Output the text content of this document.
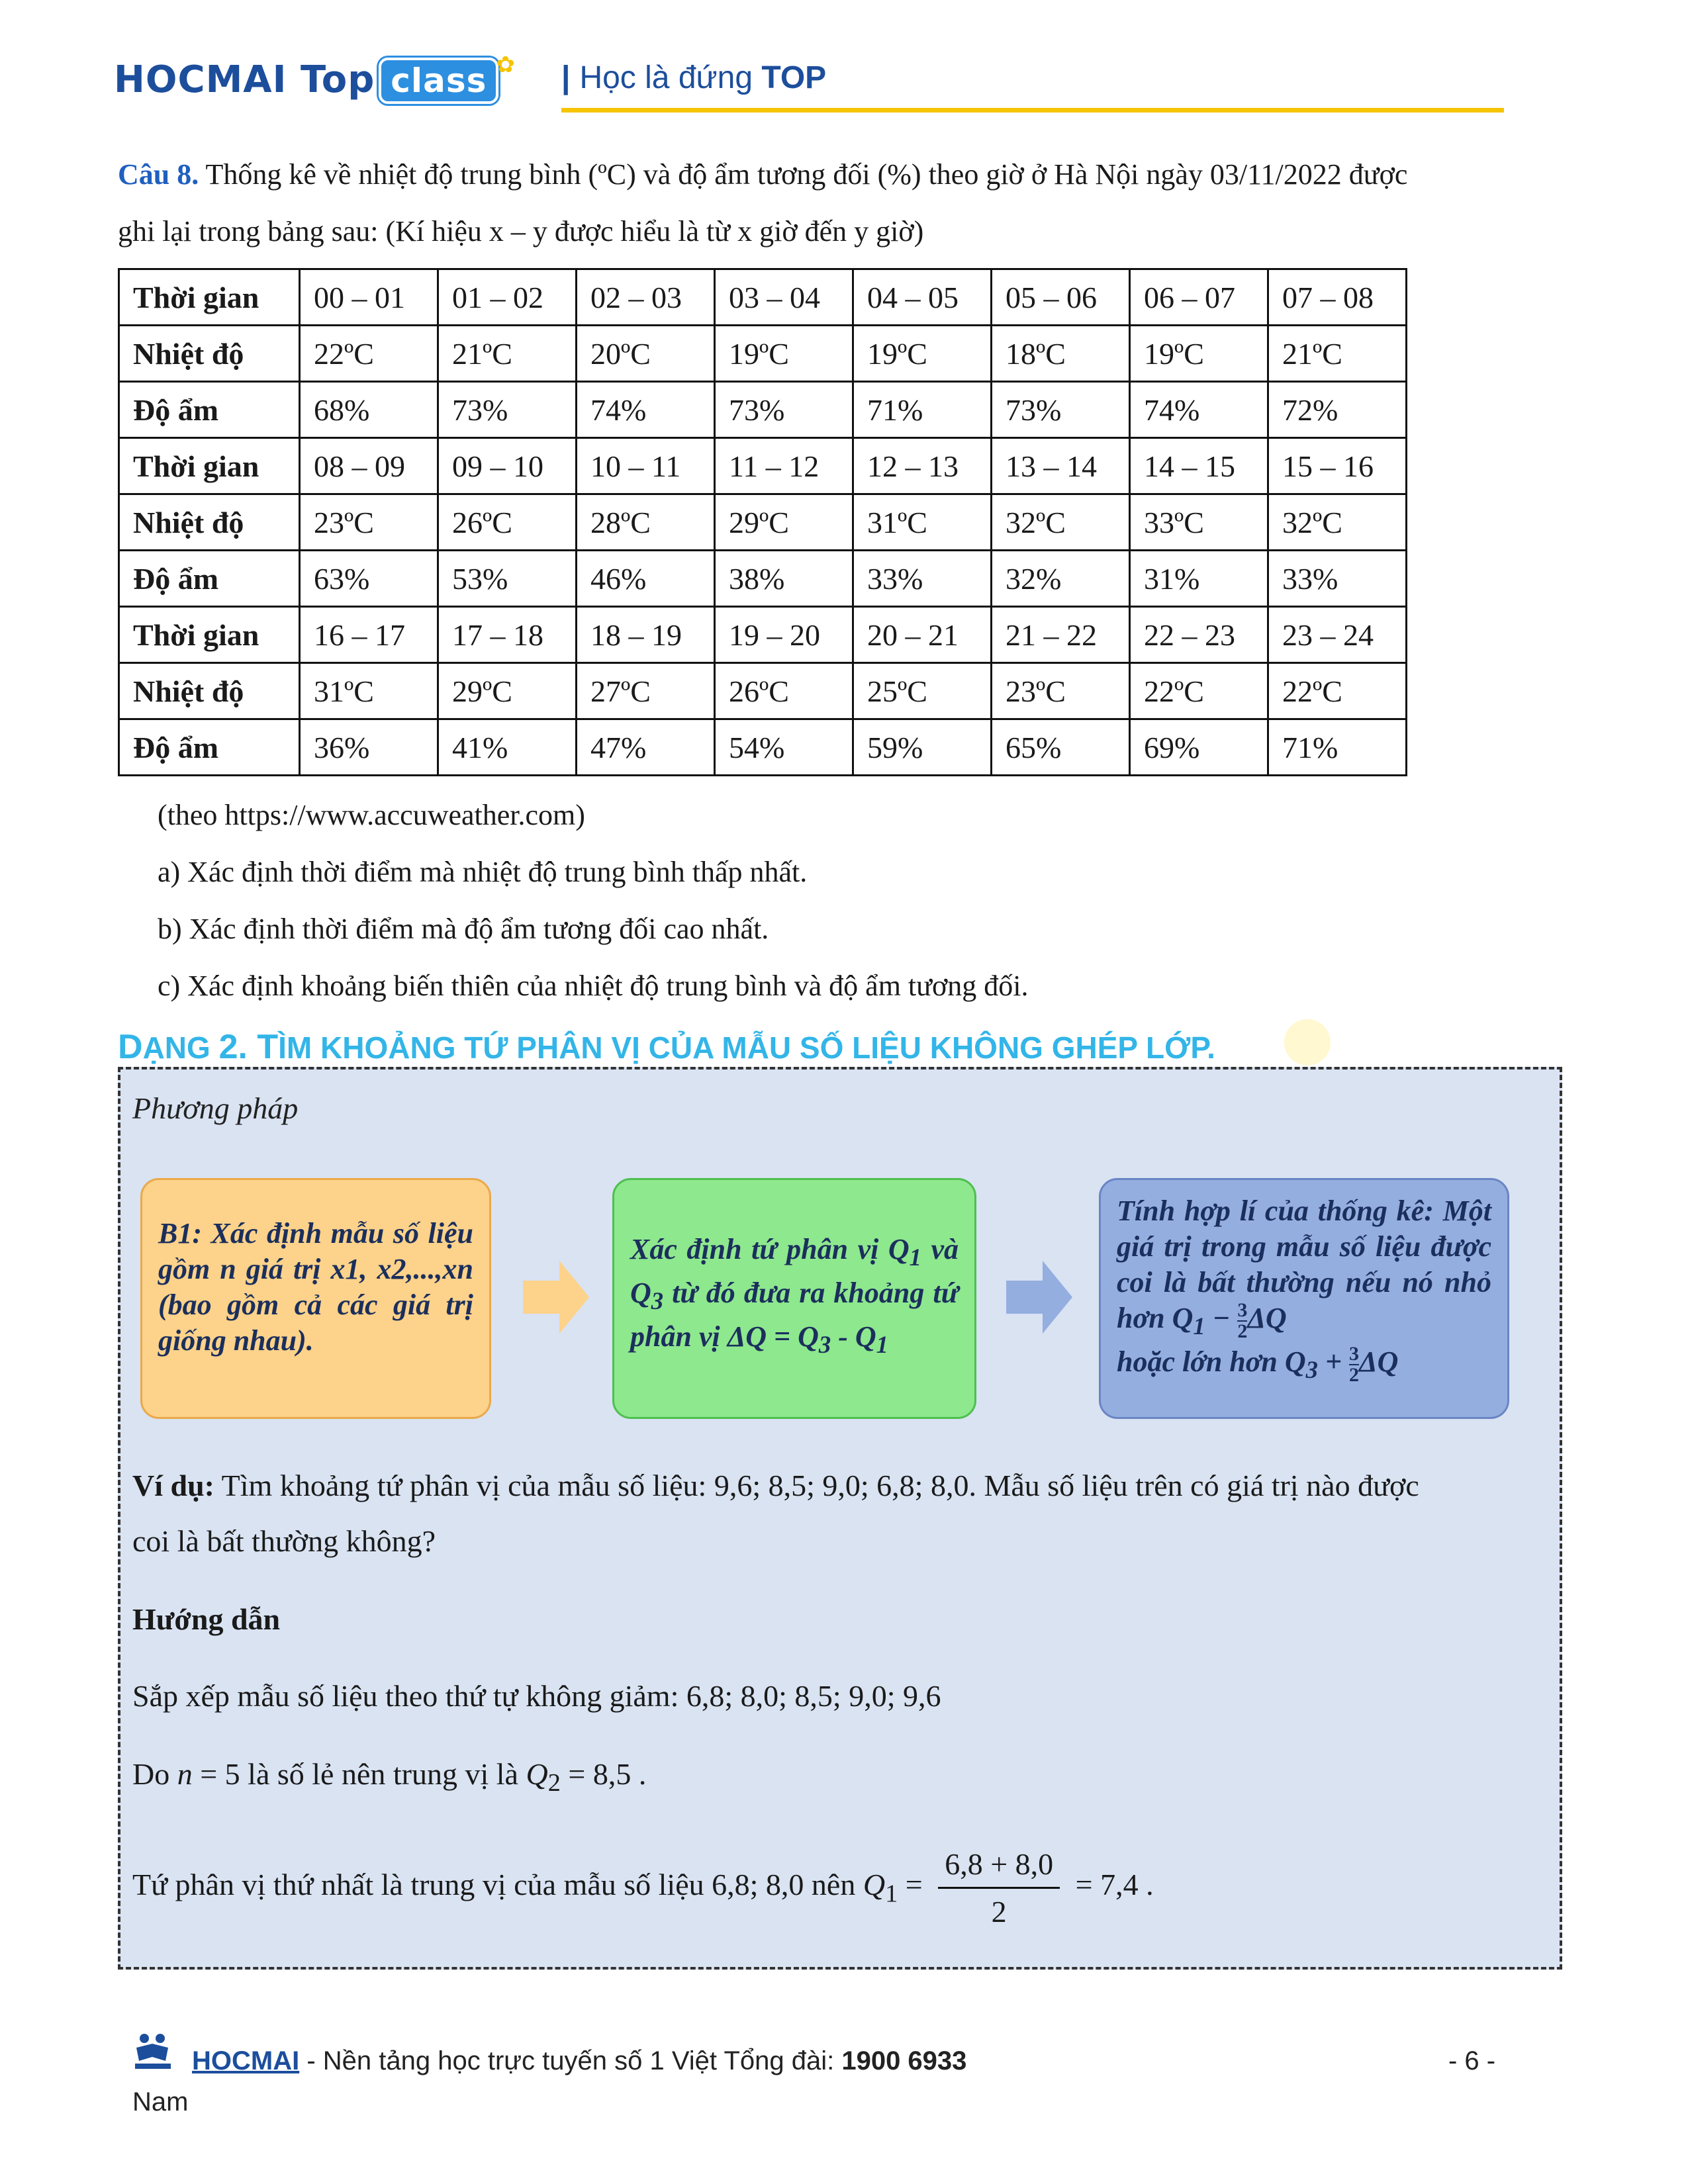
HOCMAI Top class ✿ | Học là đứng TOP
Câu 8. Thống kê về nhiệt độ trung bình (ºC) và độ ẩm tương đối (%) theo giờ ở Hà Nội ngày 03/11/2022 được
ghi lại trong bảng sau: (Kí hiệu x – y được hiểu là từ x giờ đến y giờ)
Thời gian	00 – 01	01 – 02	02 – 03	03 – 04	04 – 05	05 – 06	06 – 07	07 – 08
Nhiệt độ	22ºC	21ºC	20ºC	19ºC	19ºC	18ºC	19ºC	21ºC
Độ ẩm	68%	73%	74%	73%	71%	73%	74%	72%
Thời gian	08 – 09	09 – 10	10 – 11	11 – 12	12 – 13	13 – 14	14 – 15	15 – 16
Nhiệt độ	23ºC	26ºC	28ºC	29ºC	31ºC	32ºC	33ºC	32ºC
Độ ẩm	63%	53%	46%	38%	33%	32%	31%	33%
Thời gian	16 – 17	17 – 18	18 – 19	19 – 20	20 – 21	21 – 22	22 – 23	23 – 24
Nhiệt độ	31ºC	29ºC	27ºC	26ºC	25ºC	23ºC	22ºC	22ºC
Độ ẩm	36%	41%	47%	54%	59%	65%	69%	71%
(theo https://www.accuweather.com)
a) Xác định thời điểm mà nhiệt độ trung bình thấp nhất.
b) Xác định thời điểm mà độ ẩm tương đối cao nhất.
c) Xác định khoảng biến thiên của nhiệt độ trung bình và độ ẩm tương đối.
DẠNG 2. TÌM KHOẢNG TỨ PHÂN VỊ CỦA MẪU SỐ LIỆU KHÔNG GHÉP LỚP.
Phương pháp
B1: Xác định mẫu số liệu gồm n giá trị x1, x2,...,xn (bao gồm cả các giá trị giống nhau).
Xác định tứ phân vị $Q_1$ và $Q_3$ từ đó đưa ra khoảng tứ phân vị $\Delta Q = Q_3 - Q_1$
Tính hợp lí của thống kê: Một giá trị trong mẫu số liệu được coi là bất thường nếu nó nhỏ hơn $Q_1 - \frac{3}{2}$ ΔQ
hoặc lớn hơn $Q_3 + \frac{3}{2}$ ΔQ
Ví dụ: Tìm khoảng tứ phân vị của mẫu số liệu: 9,6; 8,5; 9,0; 6,8; 8,0. Mẫu số liệu trên có giá trị nào được
coi là bất thường không?
Hướng dẫn
Sắp xếp mẫu số liệu theo thứ tự không giảm: 6,8; 8,0; 8,5; 9,0; 9,6
Do n = 5 là số lẻ nên trung vị là $Q_2 = 8,5$ .
Tứ phân vị thứ nhất là trung vị của mẫu số liệu 6,8; 8,0 nên $Q_1 = \frac{6,8 + 8,0}{2} = 7,4$ .
HOCMAI - Nền tảng học trực tuyến số 1 Việt Tổng đài: 1900 6933
Nam
- 6 -
